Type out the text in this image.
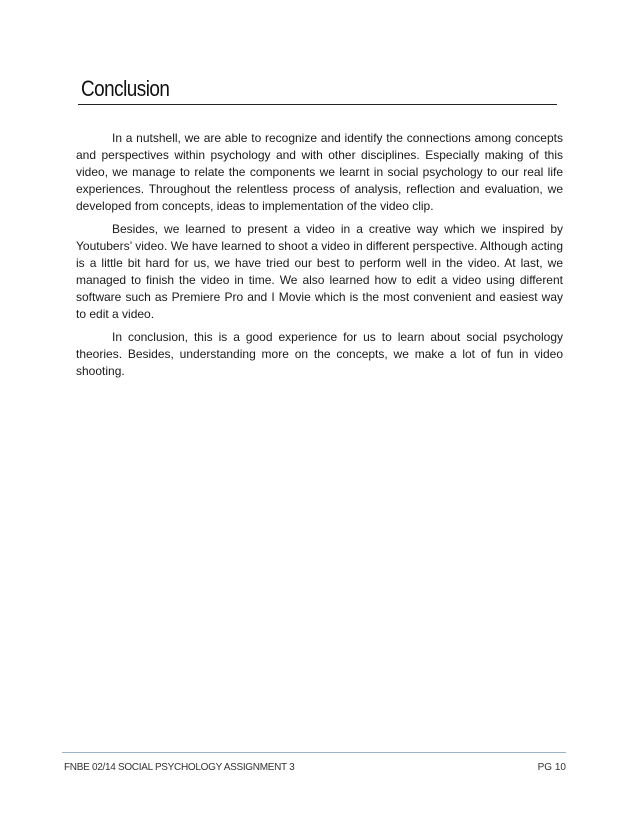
Conclusion

In a nutshell, we are able to recognize and identify the connections among concepts and perspectives within psychology and with other disciplines. Especially making of this video, we manage to relate the components we learnt in social psychology to our real life experiences. Throughout the relentless process of analysis, reflection and evaluation, we developed from concepts, ideas to implementation of the video clip.

Besides, we learned to present a video in a creative way which we inspired by Youtubers’ video. We have learned to shoot a video in different perspective. Although acting is a little bit hard for us, we have tried our best to perform well in the video. At last, we managed to finish the video in time. We also learned how to edit a video using different software such as Premiere Pro and I Movie which is the most convenient and easiest way to edit a video.

In conclusion, this is a good experience for us to learn about social psychology theories. Besides, understanding more on the concepts, we make a lot of fun in video shooting.

FNBE 02/14 SOCIAL PSYCHOLOGY ASSIGNMENT 3	PG 10
